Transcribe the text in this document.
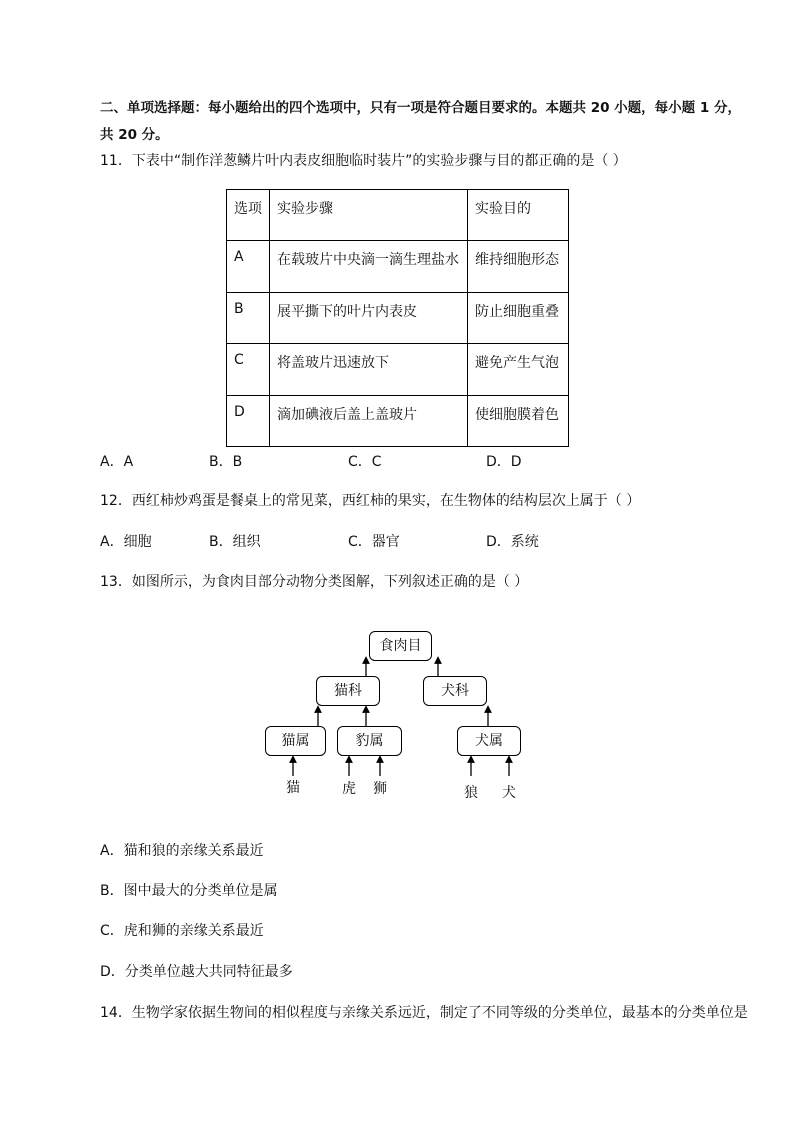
二、单项选择题：每小题给出的四个选项中，只有一项是符合题目要求的。本题共 20 小题，每小题 1 分，
共 20 分。
11．下表中“制作洋葱鳞片叶内表皮细胞临时装片”的实验步骤与目的都正确的是（ ）
选项	实验步骤	实验目的
A	在载玻片中央滴一滴生理盐水	维持细胞形态
B	展平撕下的叶片内表皮	防止细胞重叠
C	将盖玻片迅速放下	避免产生气泡
D	滴加碘液后盖上盖玻片	使细胞膜着色
A．A	B．B	C．C	D．D
12．西红柿炒鸡蛋是餐桌上的常见菜，西红柿的果实，在生物体的结构层次上属于（ ）
A．细胞	B．组织	C．器官	D．系统
13．如图所示，为食肉目部分动物分类图解，下列叙述正确的是（ ）
食肉目
猫科	犬科
猫属	豹属	犬属
猫	虎	狮	狼	犬
A．猫和狼的亲缘关系最近
B．图中最大的分类单位是属
C．虎和狮的亲缘关系最近
D．分类单位越大共同特征最多
14．生物学家依据生物间的相似程度与亲缘关系远近，制定了不同等级的分类单位，最基本的分类单位是
